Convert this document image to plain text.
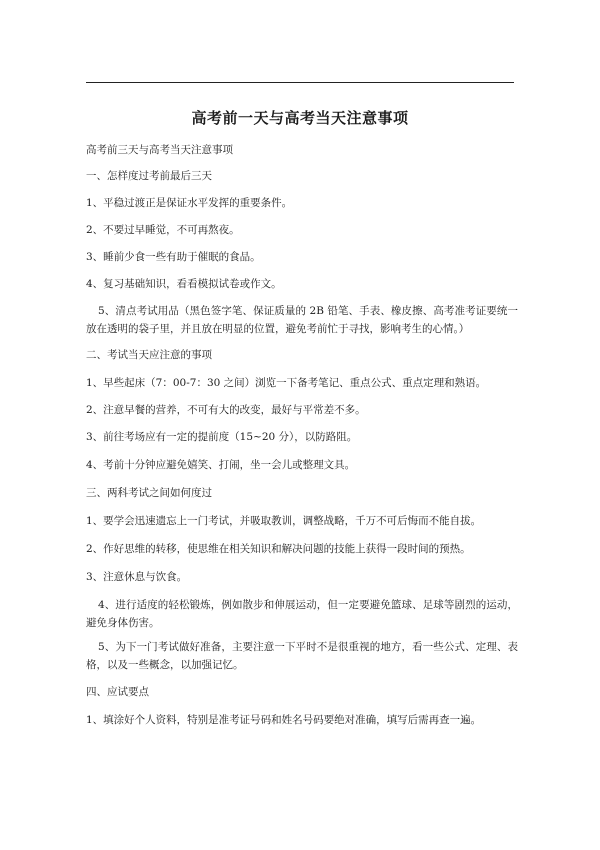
高考前一天与高考当天注意事项
高考前三天与高考当天注意事项
一、怎样度过考前最后三天
1、平稳过渡正是保证水平发挥的重要条件。
2、不要过早睡觉，不可再熬夜。
3、睡前少食一些有助于催眠的食品。
4、复习基础知识，看看模拟试卷或作文。
5、清点考试用品（黑色签字笔、保证质量的 2B 铅笔、手表、橡皮擦、高考准考证要统一放在透明的袋子里，并且放在明显的位置，避免考前忙于寻找，影响考生的心情。）
二、考试当天应注意的事项
1、早些起床（7：00-7：30 之间）浏览一下备考笔记、重点公式、重点定理和熟语。
2、注意早餐的营养，不可有大的改变，最好与平常差不多。
3、前往考场应有一定的提前度（15~20 分），以防路阻。
4、考前十分钟应避免嬉笑、打闹，坐一会儿或整理文具。
三、两科考试之间如何度过
1、要学会迅速遗忘上一门考试，并吸取教训，调整战略，千万不可后悔而不能自拔。
2、作好思维的转移，使思维在相关知识和解决问题的技能上获得一段时间的预热。
3、注意休息与饮食。
4、进行适度的轻松锻炼，例如散步和伸展运动，但一定要避免篮球、足球等剧烈的运动，避免身体伤害。
5、为下一门考试做好准备，主要注意一下平时不是很重视的地方，看一些公式、定理、表格，以及一些概念，以加强记忆。
四、应试要点
1、填涂好个人资料，特别是准考证号码和姓名号码要绝对准确，填写后需再查一遍。
